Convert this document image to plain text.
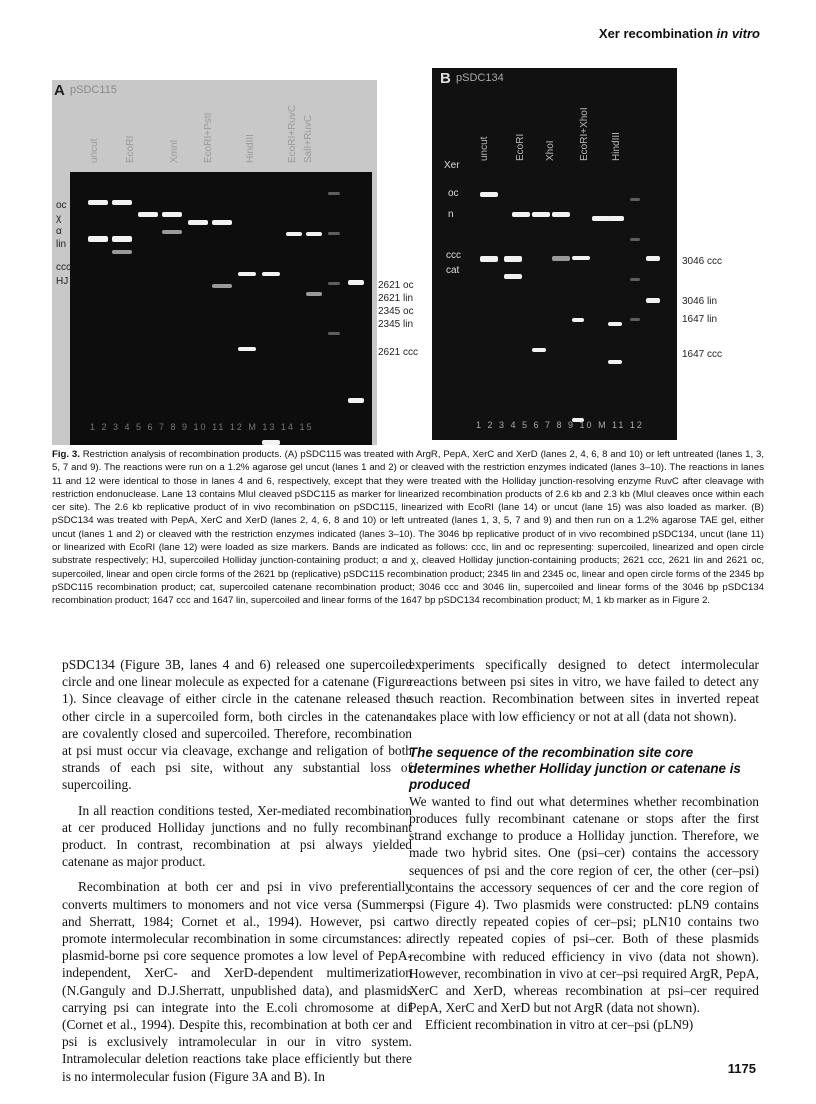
Xer recombination in vitro
A pSDC115
uncut	EcoRI	XmnI EcoRI+PstI	HindIII	EcoRI+RuvC SalI+RuvC
1 2 3 4 5 6 7 8 9 10 11 12 M 13 14 15
oc
χ
α
lin
ccc
HJ	2621 oc
2621 lin
2345 oc
2345 lin
2621 ccc
B pSDC134
uncut	EcoRI XhoI EcoRI+XhoI HindIII
Xer
oc
n
ccc
cat
1 2 3 4 5 6 7 8 9 10 M 11 12
3046 ccc
3046 lin
1647 lin
1647 ccc
Fig. 3. Restriction analysis of recombination products. (A) pSDC115 was treated with ArgR, PepA, XerC and XerD (lanes 2, 4, 6, 8 and 10) or left untreated (lanes 1, 3, 5, 7 and 9). The reactions were run on a 1.2% agarose gel uncut (lanes 1 and 2) or cleaved with the restriction enzymes indicated (lanes 3–10). The reactions in lanes 11 and 12 were identical to those in lanes 4 and 6, respectively, except that they were treated with the Holliday junction-resolving enzyme RuvC after cleavage with restriction endonuclease. Lane 13 contains MluI cleaved pSDC115 as marker for linearized recombination products of 2.6 kb and 2.3 kb (MluI cleaves once within each cer site). The 2.6 kb replicative product of in vivo recombination on pSDC115, linearized with EcoRI (lane 14) or uncut (lane 15) was also loaded as marker. (B) pSDC134 was treated with PepA, XerC and XerD (lanes 2, 4, 6, 8 and 10) or left untreated (lanes 1, 3, 5, 7 and 9) and then run on a 1.2% agarose TAE gel, either uncut (lanes 1 and 2) or cleaved with the restriction enzymes indicated (lanes 3–10). The 3046 bp replicative product of in vivo recombined pSDC134, uncut (lane 11) or linearized with EcoRI (lane 12) were loaded as size markers. Bands are indicated as follows: ccc, lin and oc representing: supercoiled, linearized and open circle substrate respectively; HJ, supercoiled Holliday junction-containing product; α and χ, cleaved Holliday junction-containing products; 2621 ccc, 2621 lin and 2621 oc, supercoiled, linear and open circle forms of the 2621 bp (replicative) pSDC115 recombination product; 2345 lin and 2345 oc, linear and open circle forms of the 2345 bp pSDC115 recombination product; cat, supercoiled catenane recombination product; 3046 ccc and 3046 lin, supercoiled and linear forms of the 3046 bp pSDC134 recombination product; 1647 ccc and 1647 lin, supercoiled and linear forms of the 1647 bp pSDC134 recombination product; M, 1 kb marker as in Figure 2.

pSDC134 (Figure 3B, lanes 4 and 6) released one supercoiled circle and one linear molecule as expected for a catenane (Figure 1). Since cleavage of either circle in the catenane released the other circle in a supercoiled form, both circles in the catenane are covalently closed and supercoiled. Therefore, recombination at psi must occur via cleavage, exchange and religation of both strands of each psi site, without any substantial loss of supercoiling.

In all reaction conditions tested, Xer-mediated recombination at cer produced Holliday junctions and no fully recombinant product. In contrast, recombination at psi always yielded catenane as major product.

Recombination at both cer and psi in vivo preferentially converts multimers to monomers and not vice versa (Summers and Sherratt, 1984; Cornet et al., 1994). However, psi can promote intermolecular recombination in some circumstances: a plasmid-borne psi core sequence promotes a low level of PepA-independent, XerC- and XerD-dependent multimerization (N.Ganguly and D.J.Sherratt, unpublished data), and plasmids carrying psi can integrate into the E.coli chromosome at dif (Cornet et al., 1994). Despite this, recombination at both cer and psi is exclusively intramolecular in our in vitro system. Intramolecular deletion reactions take place efficiently but there is no intermolecular fusion (Figure 3A and B). In

experiments specifically designed to detect intermolecular reactions between psi sites in vitro, we have failed to detect any such reaction. Recombination between sites in inverted repeat takes place with low efficiency or not at all (data not shown).

The sequence of the recombination site core determines whether Holliday junction or catenane is produced

We wanted to find out what determines whether recombination produces fully recombinant catenane or stops after the first strand exchange to produce a Holliday junction. Therefore, we made two hybrid sites. One (psi–cer) contains the accessory sequences of psi and the core region of cer, the other (cer–psi) contains the accessory sequences of cer and the core region of psi (Figure 4). Two plasmids were constructed: pLN9 contains two directly repeated copies of cer–psi; pLN10 contains two directly repeated copies of psi–cer. Both of these plasmids recombine with reduced efficiency in vivo (data not shown). However, recombination in vivo at cer–psi required ArgR, PepA, XerC and XerD, whereas recombination at psi–cer required PepA, XerC and XerD but not ArgR (data not shown).

Efficient recombination in vitro at cer–psi (pLN9)

1175
